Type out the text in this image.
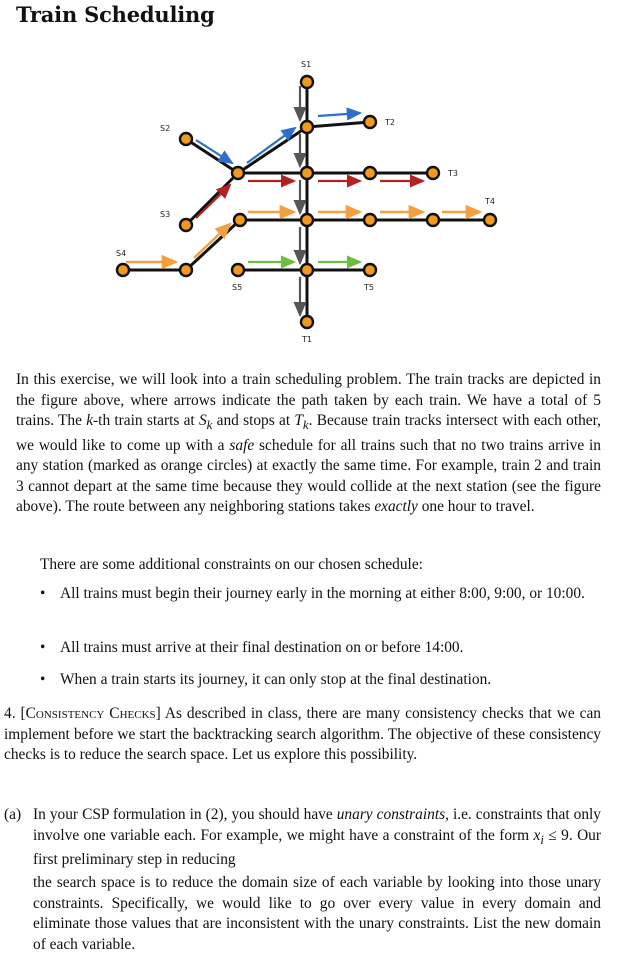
Train Scheduling
S1
S2
S3
S4
S5
T1
T2
T3
T4
T5
In this exercise, we will look into a train scheduling problem. The train tracks are depicted in the figure above, where arrows indicate the path taken by each train. We have a total of 5 trains. The k-th train starts at $S_k$ and stops at $T_k$. Because train tracks intersect with each other, we would like to come up with a safe schedule for all trains such that no two trains arrive in any station (marked as orange circles) at exactly the same time. For example, train 2 and train 3 cannot depart at the same time because they would collide at the next station (see the figure above). The route between any neighboring stations takes exactly one hour to travel.
There are some additional constraints on our chosen schedule:
• All trains must begin their journey early in the morning at either 8:00, 9:00, or 10:00.
• All trains must arrive at their final destination on or before 14:00.
• When a train starts its journey, it can only stop at the final destination.
4. [Consistency Checks] As described in class, there are many consistency checks that we can implement before we start the backtracking search algorithm. The objective of these consistency checks is to reduce the search space. Let us explore this possibility.
(a) In your CSP formulation in (2), you should have unary constraints, i.e. constraints that only involve one variable each. For example, we might have a constraint of the form $x_i \le 9$. Our first preliminary step in reducing
the search space is to reduce the domain size of each variable by looking into those unary constraints. Specifically, we would like to go over every value in every domain and eliminate those values that are inconsistent with the unary constraints. List the new domain of each variable.
